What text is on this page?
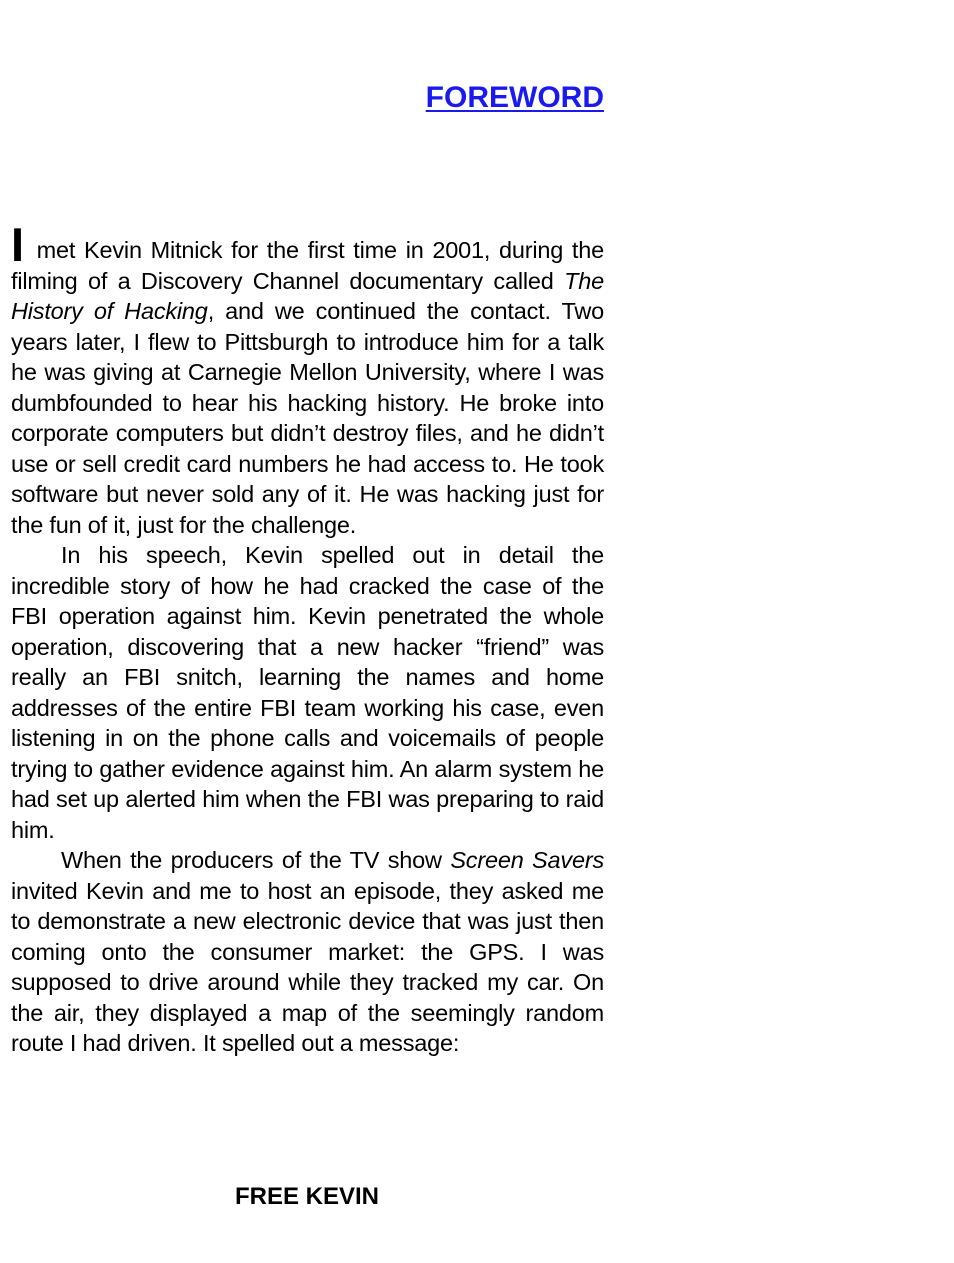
FOREWORD

I met Kevin Mitnick for the first time in 2001, during the filming of a Discovery Channel documentary called The History of Hacking, and we continued the contact. Two years later, I flew to Pittsburgh to introduce him for a talk he was giving at Carnegie Mellon University, where I was dumbfounded to hear his hacking history. He broke into corporate computers but didn’t destroy files, and he didn’t use or sell credit card numbers he had access to. He took software but never sold any of it. He was hacking just for the fun of it, just for the challenge.

In his speech, Kevin spelled out in detail the incredible story of how he had cracked the case of the FBI operation against him. Kevin penetrated the whole operation, discovering that a new hacker “friend” was really an FBI snitch, learning the names and home addresses of the entire FBI team working his case, even listening in on the phone calls and voicemails of people trying to gather evidence against him. An alarm system he had set up alerted him when the FBI was preparing to raid him.

When the producers of the TV show Screen Savers invited Kevin and me to host an episode, they asked me to demonstrate a new electronic device that was just then coming onto the consumer market: the GPS. I was supposed to drive around while they tracked my car. On the air, they displayed a map of the seemingly random route I had driven. It spelled out a message:

FREE KEVIN
